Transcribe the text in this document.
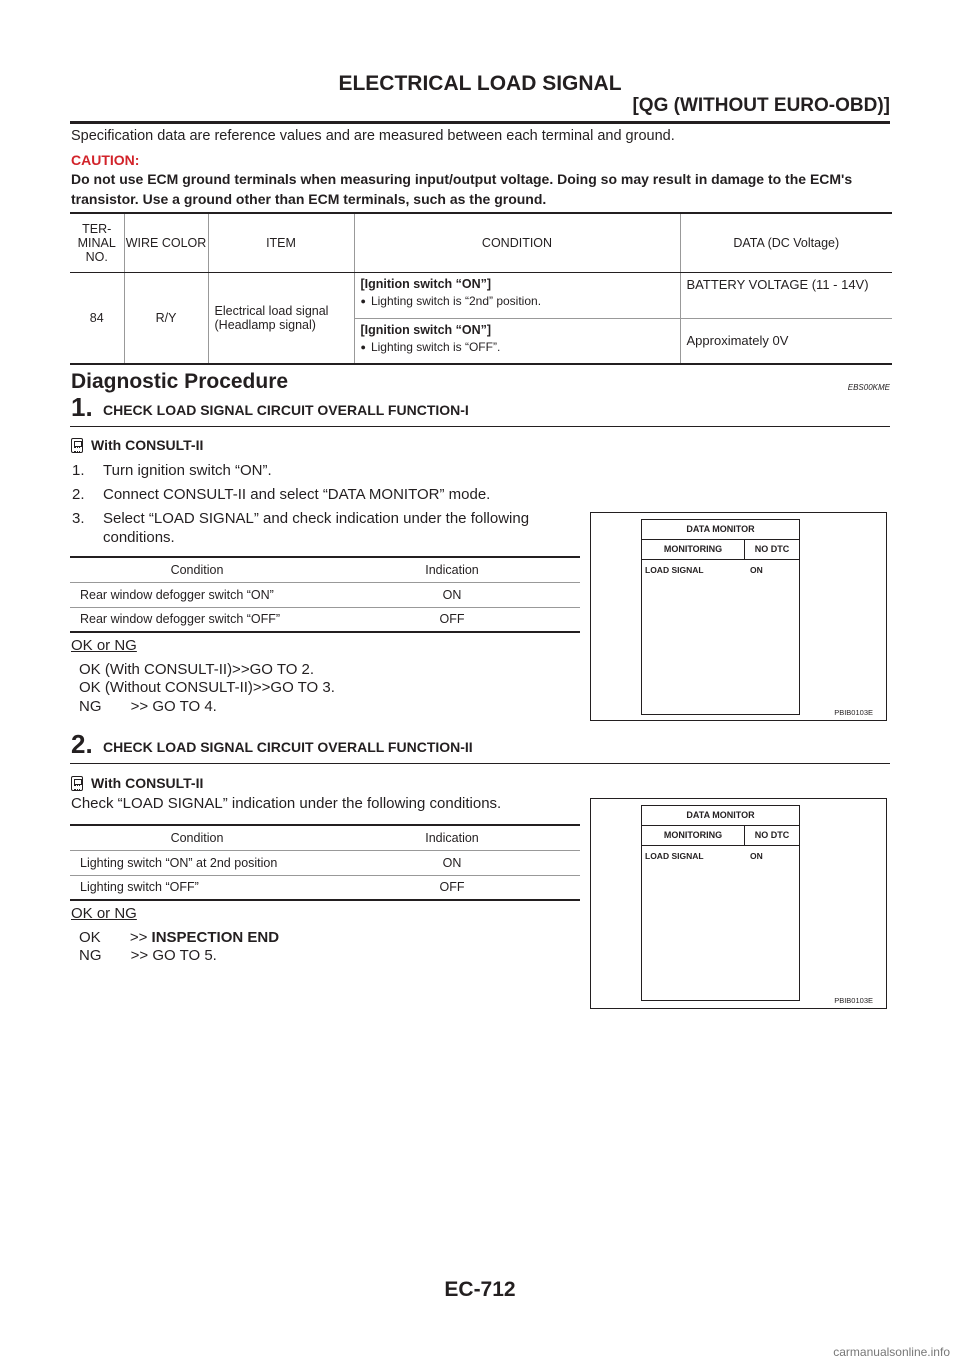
ELECTRICAL LOAD SIGNAL
[QG (WITHOUT EURO-OBD)]
Specification data are reference values and are measured between each terminal and ground.
CAUTION:
Do not use ECM ground terminals when measuring input/output voltage. Doing so may result in damage to the ECM's transistor. Use a ground other than ECM terminals, such as the ground.
TER-MINAL NO.	WIRE COLOR	ITEM	CONDITION	DATA (DC Voltage)
84	R/Y	Electrical load signal (Headlamp signal)	[Ignition switch “ON”]
● Lighting switch is “2nd” position.	BATTERY VOLTAGE (11 - 14V)

			[Ignition switch “ON”]
● Lighting switch is “OFF”.	Approximately 0V
Diagnostic Procedure	EBS00KME
1. CHECK LOAD SIGNAL CIRCUIT OVERALL FUNCTION-I
With CONSULT-II
1. Turn ignition switch “ON”.
2. Connect CONSULT-II and select “DATA MONITOR” mode.
3. Select “LOAD SIGNAL” and check indication under the following
conditions.
Condition	Indication
Rear window defogger switch “ON”	ON
Rear window defogger switch “OFF”	OFF
OK or NG
OK (With CONSULT-II)>>GO TO 2.
OK (Without CONSULT-II)>>GO TO 3.
NG       >> GO TO 4.
DATA MONITOR
MONITORING	NO DTC
LOAD SIGNAL	ON
PBIB0103E
2. CHECK LOAD SIGNAL CIRCUIT OVERALL FUNCTION-II
With CONSULT-II
Check “LOAD SIGNAL” indication under the following conditions.
Condition	Indication
Lighting switch “ON” at 2nd position	ON
Lighting switch “OFF”	OFF
OK or NG
OK       >> INSPECTION END
NG       >> GO TO 5.
DATA MONITOR
MONITORING	NO DTC
LOAD SIGNAL	ON
PBIB0103E
EC-712
carmanualsonline.info
